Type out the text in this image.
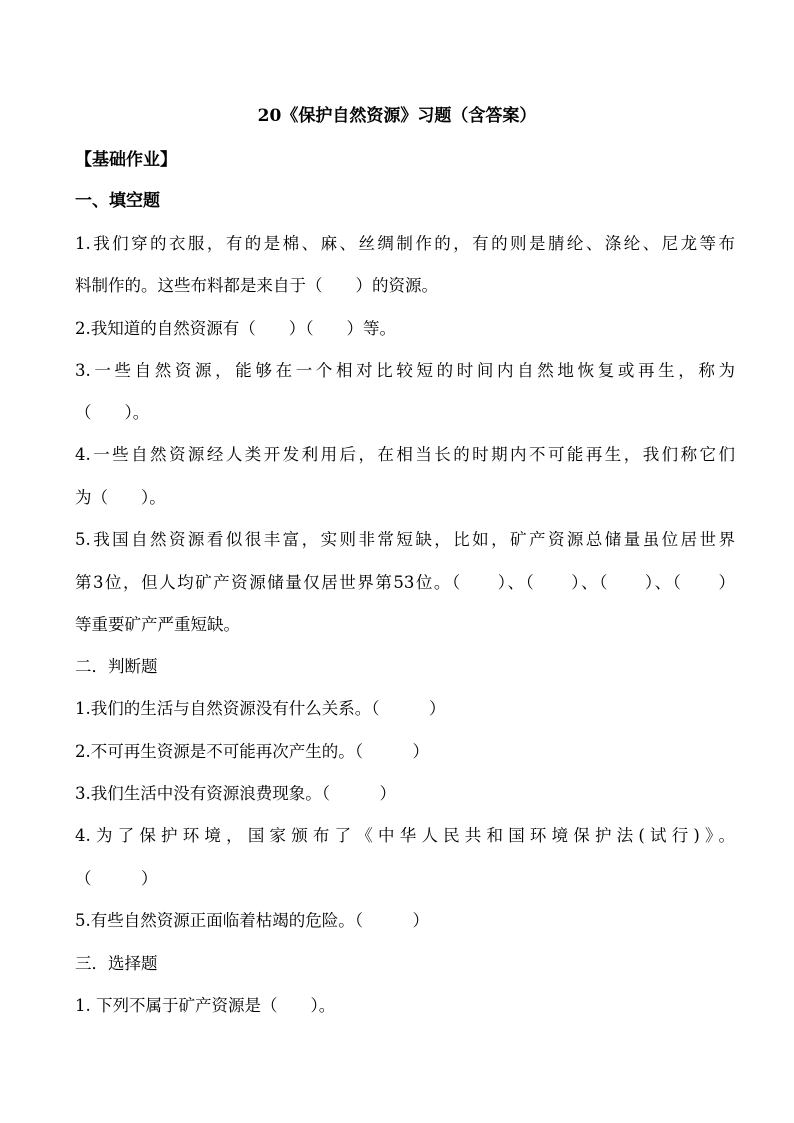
20《保护自然资源》习题（含答案）
【基础作业】
一、填空题
1.我们穿的衣服，有的是棉、麻、丝绸制作的，有的则是腈纶、涤纶、尼龙等布
料制作的。这些布料都是来自于（　　）的资源。
2.我知道的自然资源有（　　）（　　）等。
3.一些自然资源，能够在一个相对比较短的时间内自然地恢复或再生，称为
（　　）。
4.一些自然资源经人类开发利用后，在相当长的时期内不可能再生，我们称它们
为（　　）。
5.我国自然资源看似很丰富，实则非常短缺，比如，矿产资源总储量虽位居世界
第3位，但人均矿产资源储量仅居世界第53位。（　　）、（　　）、（　　）、（　　）
等重要矿产严重短缺。
二．判断题
1.我们的生活与自然资源没有什么关系。（　　　）
2.不可再生资源是不可能再次产生的。（　　　）
3.我们生活中没有资源浪费现象。（　　　）
4.为了保护环境，国家颁布了《中华人民共和国环境保护法(试行)》。
（　　　）
5.有些自然资源正面临着枯竭的危险。（　　　）
三．选择题
1. 下列不属于矿产资源是（　　）。
